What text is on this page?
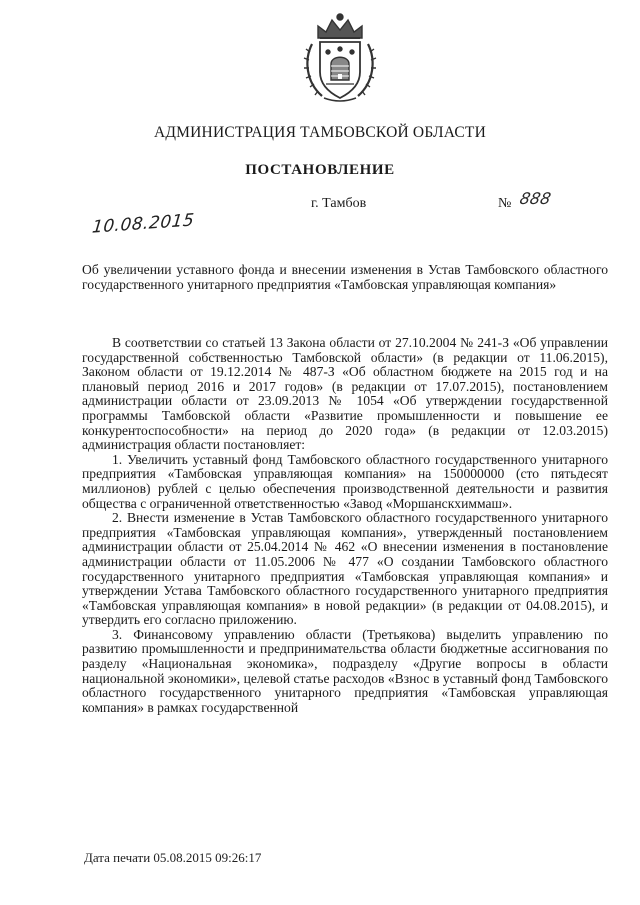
АДМИНИСТРАЦИЯ ТАМБОВСКОЙ ОБЛАСТИ
ПОСТАНОВЛЕНИЕ
10.08.2015
г. Тамбов	№ 888
Об увеличении уставного фонда и внесении изменения в Устав Тамбовского областного государственного унитарного предприятия «Тамбовская управляющая компания»

В соответствии со статьей 13 Закона области от 27.10.2004 № 241-З «Об управлении государственной собственностью Тамбовской области» (в редакции от 11.06.2015), Законом области от 19.12.2014 № 487-З «Об областном бюджете на 2015 год и на плановый период 2016 и 2017 годов» (в редакции от 17.07.2015), постановлением администрации области от 23.09.2013 № 1054 «Об утверждении государственной программы Тамбовской области «Развитие промышленности и повышение ее конкурентоспособности» на период до 2020 года» (в редакции от 12.03.2015) администрация области постановляет:

1. Увеличить уставный фонд Тамбовского областного государственного унитарного предприятия «Тамбовская управляющая компания» на 150000000 (сто пятьдесят миллионов) рублей с целью обеспечения производственной деятельности и развития общества с ограниченной ответственностью «Завод «Моршанскхиммаш».

2. Внести изменение в Устав Тамбовского областного государственного унитарного предприятия «Тамбовская управляющая компания», утвержденный постановлением администрации области от 25.04.2014 № 462 «О внесении изменения в постановление администрации области от 11.05.2006 № 477 «О создании Тамбовского областного государственного унитарного предприятия «Тамбовская управляющая компания» и утверждении Устава Тамбовского областного государственного унитарного предприятия «Тамбовская управляющая компания» в новой редакции» (в редакции от 04.08.2015), и утвердить его согласно приложению.

3. Финансовому управлению области (Третьякова) выделить управлению по развитию промышленности и предпринимательства области бюджетные ассигнования по разделу «Национальная экономика», подразделу «Другие вопросы в области национальной экономики», целевой статье расходов «Взнос в уставный фонд Тамбовского областного государственного унитарного предприятия «Тамбовская управляющая компания» в рамках государственной

Дата печати 05.08.2015 09:26:17
